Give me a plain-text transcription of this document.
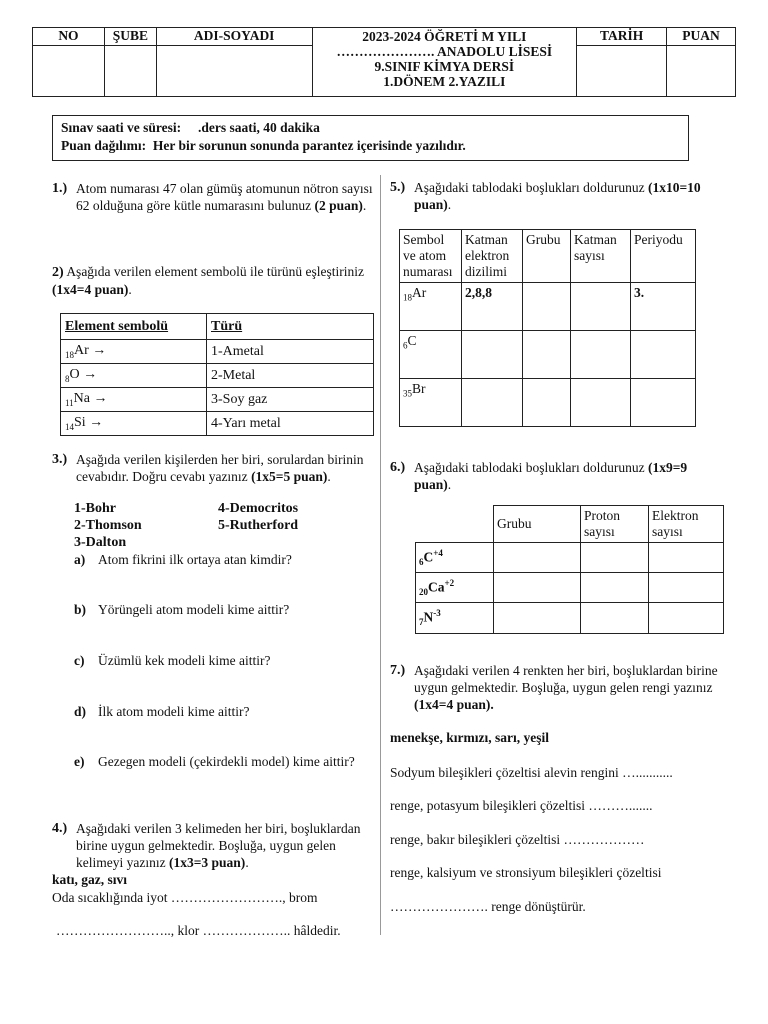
NO	ŞUBE	ADI-SOYADI	2023-2024 ÖĞRETİ M YILI
…………………. ANADOLU LİSESİ
9.SINIF KİMYA DERSİ
1.DÖNEM 2.YAZILI	TARİH	PUAN

Sınav saati ve süresi: .ders saati, 40 dakika
Puan dağılımı: Her bir sorunun sonunda parantez içerisinde yazılıdır.
1.) Atom numarası 47 olan gümüş atomunun nötron sayısı 62 olduğuna göre kütle numarasını bulunuz (2 puan).
2) Aşağıda verilen element sembolü ile türünü eşleştiriniz (1x4=4 puan).
Element sembolü	Türü
$_{18}$Ar →	1-Ametal
$_8$O →	2-Metal
$_{11}$Na →	3-Soy gaz
$_{14}$Si →	4-Yarı metal
3.) Aşağıda verilen kişilerden her biri, sorulardan birinin cevabıdır. Doğru cevabı yazınız (1x5=5 puan).
1-Bohr	4-Democritos
2-Thomson	5-Rutherford
3-Dalton
a) Atom fikrini ilk ortaya atan kimdir?
b) Yörüngeli atom modeli kime aittir?
c)	Üzümlü kek modeli kime aittir?
d) İlk atom modeli kime aittir?
e)	Gezegen modeli (çekirdekli model) kime aittir?
4.) Aşağıdaki verilen 3 kelimeden her biri, boşluklardan birine uygun gelmektedir. Boşluğa, uygun gelen kelimeyi yazınız (1x3=3 puan).
katı, gaz, sıvı
Oda sıcaklığında iyot ……………………., brom
…………………….., klor ……………….. hâldedir.
5.) Aşağıdaki tablodaki boşlukları doldurunuz (1x10=10 puan).
Sembol ve atom numarası	Katman elektron dizilimi	Grubu	Katman sayısı	Periyodu
$_{18}$Ar	2,8,8			3.
$_6$C				
$_{35}$Br				
6.) Aşağıdaki tablodaki boşlukları doldurunuz (1x9=9 puan).
	Grubu	Proton sayısı	Elektron sayısı
$_6C^{+4}$			
$_{20}Ca^{+2}$			
$_7N^{-3}$			
7.) Aşağıdaki verilen 4 renkten her biri, boşluklardan birine uygun gelmektedir. Boşluğa, uygun gelen rengi yazınız (1x4=4 puan).
menekşe, kırmızı, sarı, yeşil
Sodyum bileşikleri çözeltisi alevin rengini …...........
renge, potasyum bileşikleri çözeltisi ……….......
renge, bakır bileşikleri çözeltisi ………………
renge, kalsiyum ve stronsiyum bileşikleri çözeltisi
…………………. renge dönüştürür.
